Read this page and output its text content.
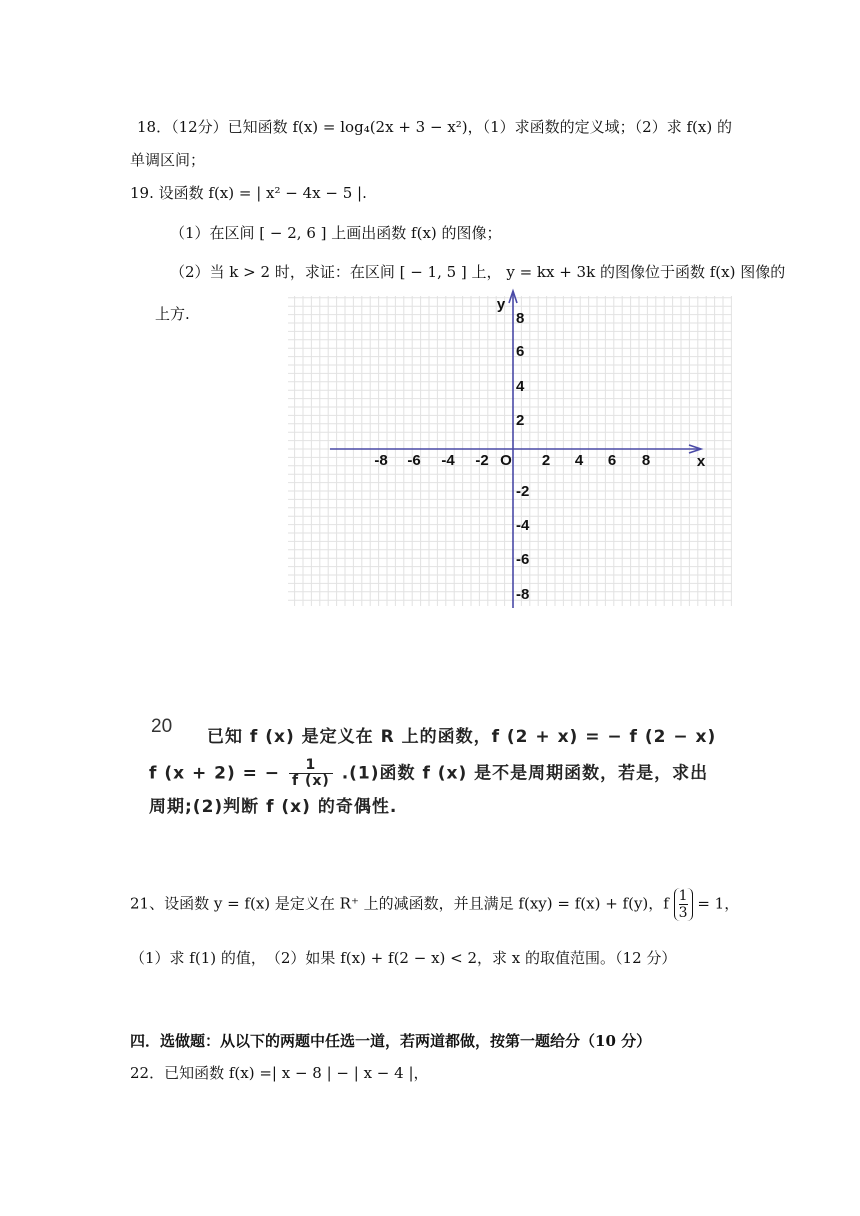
18．（12分）已知函数 f(x) = log₄(2x + 3 − x²)，（1）求函数的定义域；（2）求 f(x) 的
单调区间；
19. 设函数 f(x) = | x² − 4x − 5 |.
（1）在区间 [ − 2, 6 ] 上画出函数 f(x) 的图像；
（2）当 k > 2 时，求证：在区间 [ − 1, 5 ] 上， y = kx + 3k 的图像位于函数 f(x) 图像的
上方.
-8 -6 -4 -2	2 4 6 8
8
6
4
2
-2
-4
-6
-8
O	x
y
20 已知 f (x) 是定义在 R 上的函数，f (2 + x) = − f (2 − x)
f (x + 2) = − $\frac{1}{f (x)} .(1)$函数 f (x) 是不是周期函数，若是，求出
周期;(2)判断 f (x) 的奇偶性.
21、设函数 y = f(x) 是定义在 R⁺ 上的减函数，并且满足 f(xy) = f(x) + f(y)，f $\frac{1}{3} = 1$，
（1）求 f(1) 的值，　（2）如果 f(x) + f(2 − x) < 2，求 x 的取值范围。（12 分）
四．选做题：从以下的两题中任选一道，若两道都做，按第一题给分（10 分）
22．已知函数 f(x) =| x − 8 | − | x − 4 |，
